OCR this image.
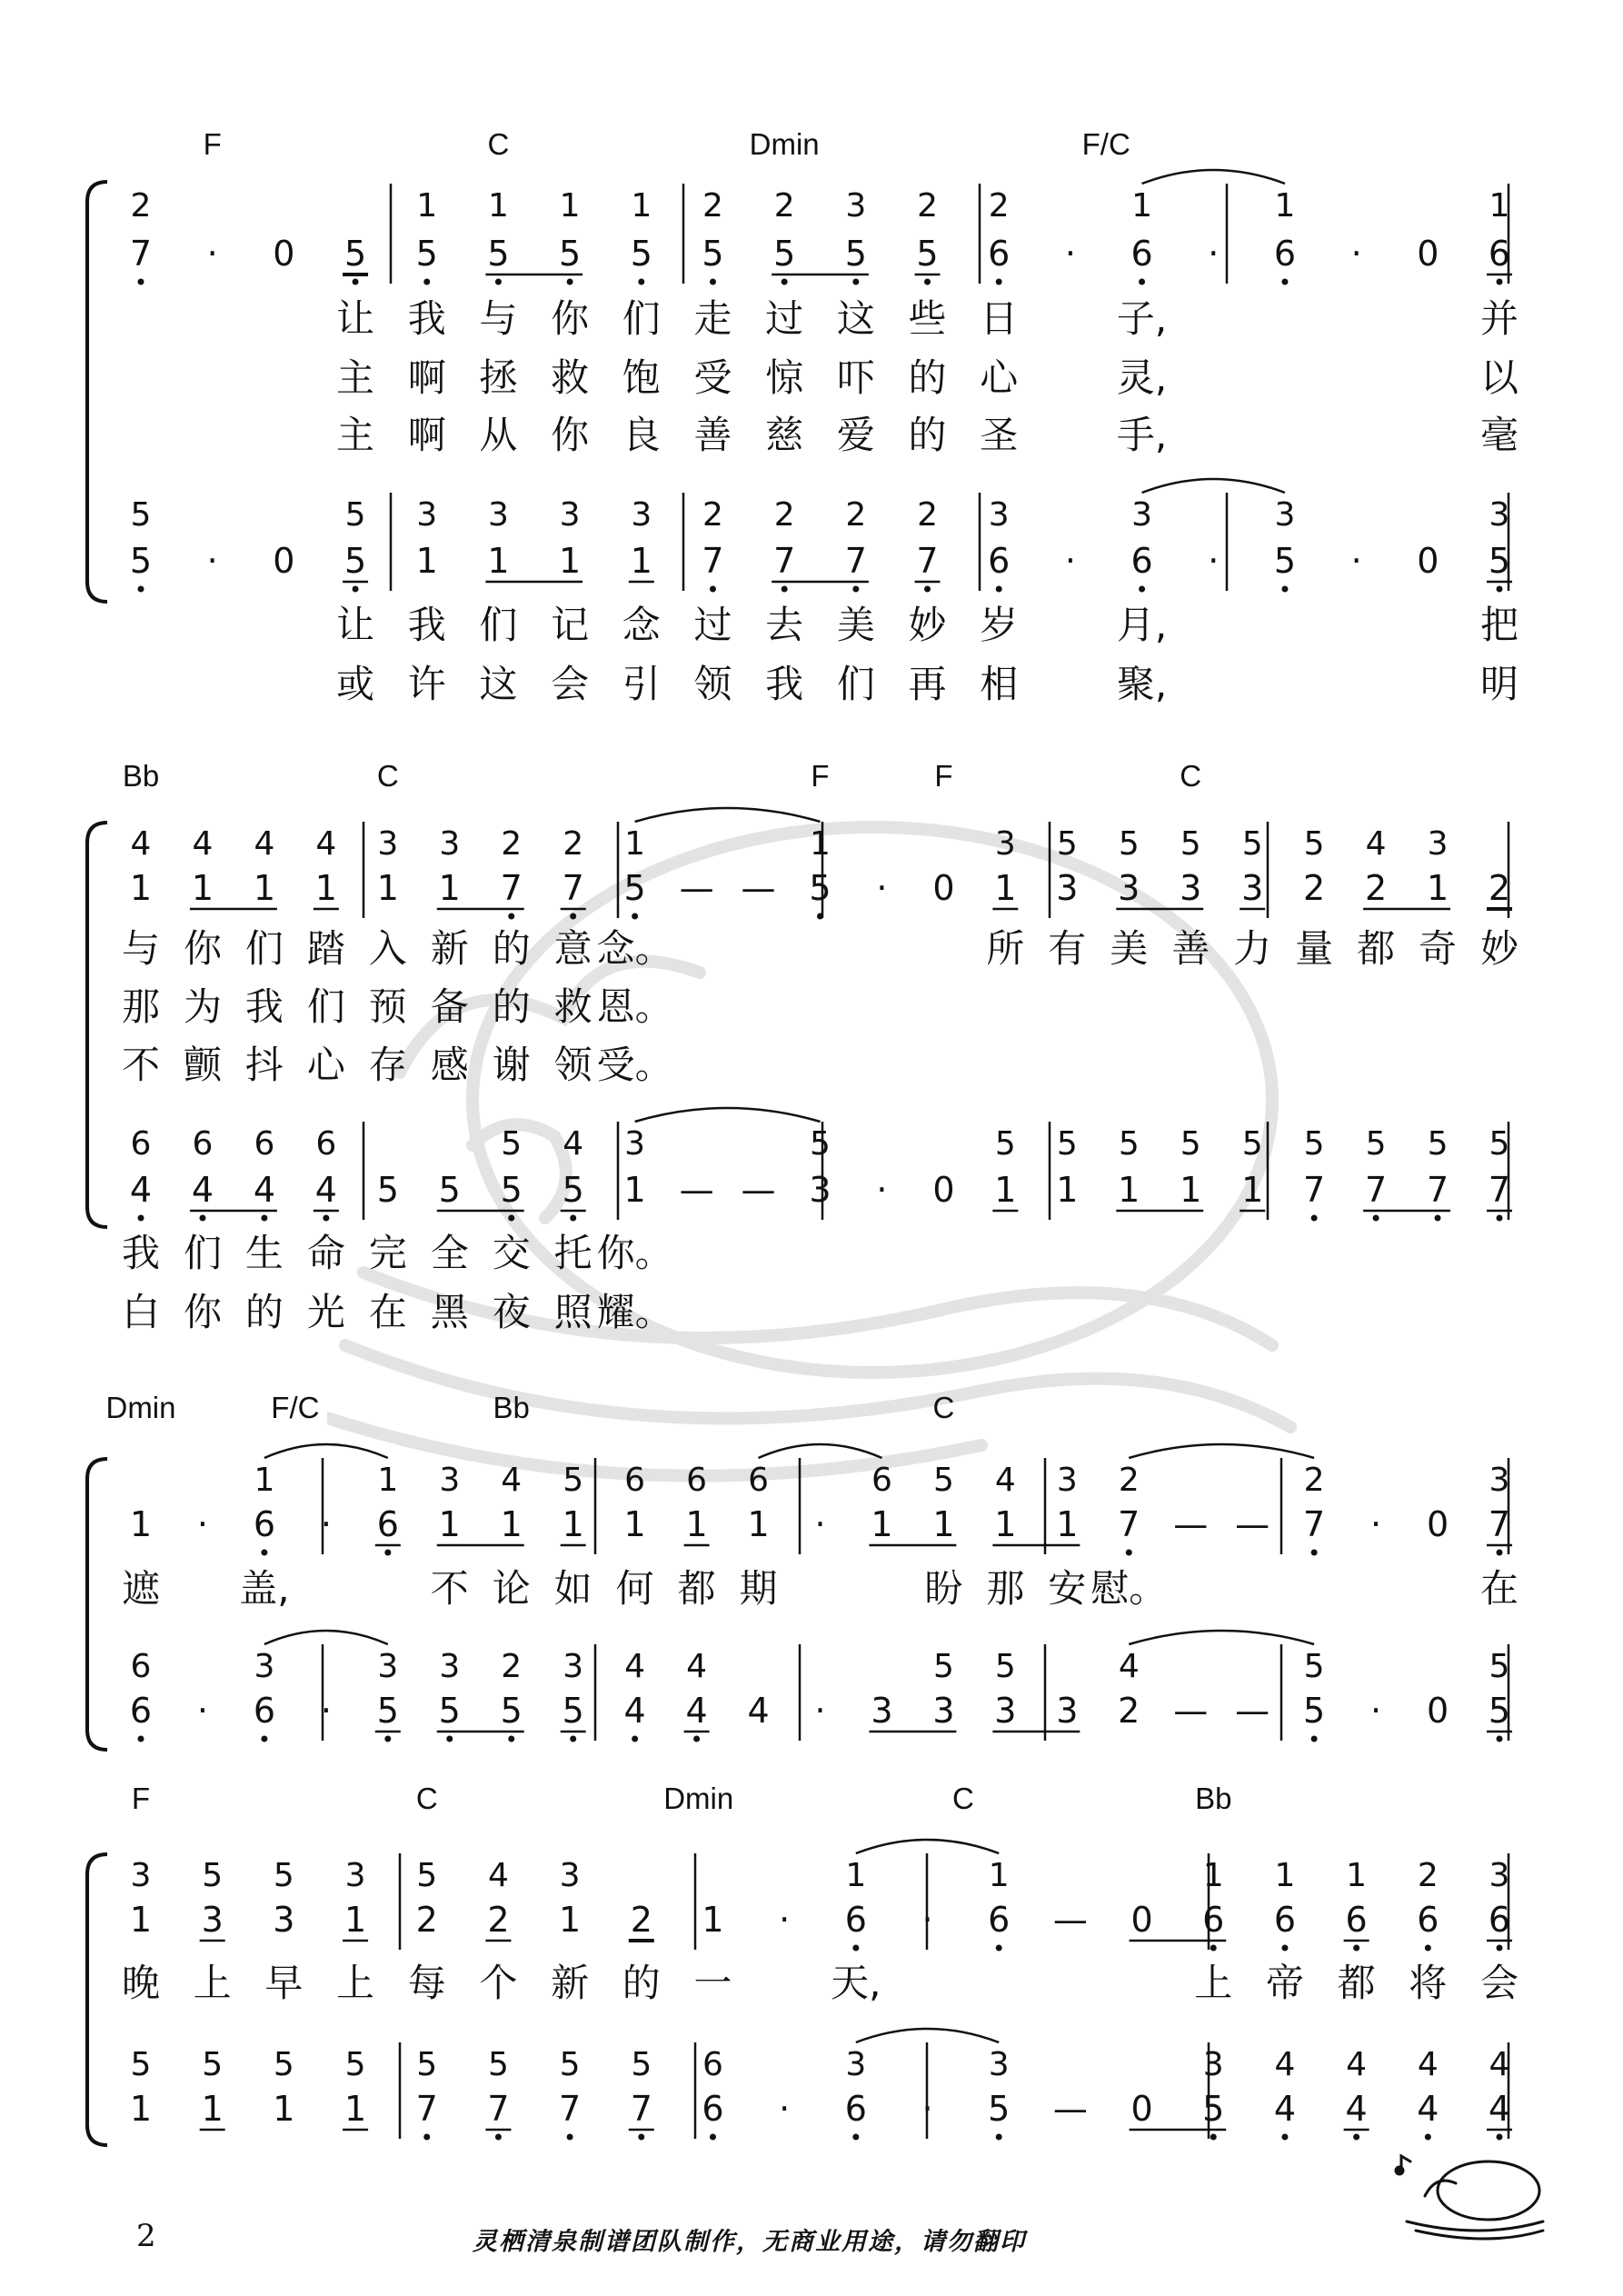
F	C	Dmin	F/C
2	1 1 1 1 2 2 3 2 2	1	1	1
7 · 0 5 5 5 5 5 5 5 5 5 6 · 6 · 6 · 0 6
让 我 与 你 们 走 过 这 些 日	子,	并
主 啊 拯 救 饱 受 惊 吓 的 心	灵,	以
主 啊 从 你 良 善 慈 爱 的 圣	手,	毫
5	5 3 3 3 3 2 2 2 2 3	3	3	3
5 · 0 5 1 1 1 1 7 7 7 7 6 · 6 · 5 · 0 5
让 我 们 记 念 过 去 美 妙 岁	月,	把
或 许 这 会 引 领 我 们 再 相	聚,	明
Bb	C	F	F	C
4 4 4 4 3 3 2 2 1	1	3 5 5 5 5 5 4 3
1 1 1 1 1 1 7 7 5 — — 5 · 0 1 3 3 3 3 2 2 1 2
与 你 们 踏 入 新 的 意 念。	所 有 美 善 力 量 都 奇 妙
那 为 我 们 预 备 的 救 恩。
不 颤 抖 心 存 感 谢 领 受。
6 6 6 6	5 4 3	5	5 5 5 5 5 5 5 5 5
4 4 4 4 5 5 5 5 1 — — 3 · 0 1 1 1 1 1 7 7 7 7
我 们 生 命 完 全 交 托 你。
白 你 的 光 在 黑 夜 照 耀。
Dmin	F/C	Bb	C
1	1 3 4 5 6 6 6	6 5 4 3 2	2	3
1 · 6 · 6 1 1 1 1 1 1 · 1 1 1 1 7 — — 7 · 0 7
遮 盖,	不 论 如 何 都 期	盼 那 安 慰。	在
6	3	3 3 2 3 4 4	5 5	4	5	5
6 · 6 · 5 5 5 5 4 4 4 · 3 3 3 3 2 — — 5 · 0 5
F	C	Dmin	C	Bb
3 5 5 3 5 4 3	1	1	1 1 1 2 3
1 3 3 1 2 2 1 2 1 · 6 · 6 — 0 6 6 6 6 6
晚 上 早 上 每 个 新 的 一	天,	上 帝 都 将 会
5 5 5 5 5 5 5 5 6	3	3	3 4 4 4 4
1 1 1 1 7 7 7 7 6 · 6 · 5 — 0 5 4 4 4 4
2	灵栖清泉制谱团队制作，无商业用途，请勿翻印
